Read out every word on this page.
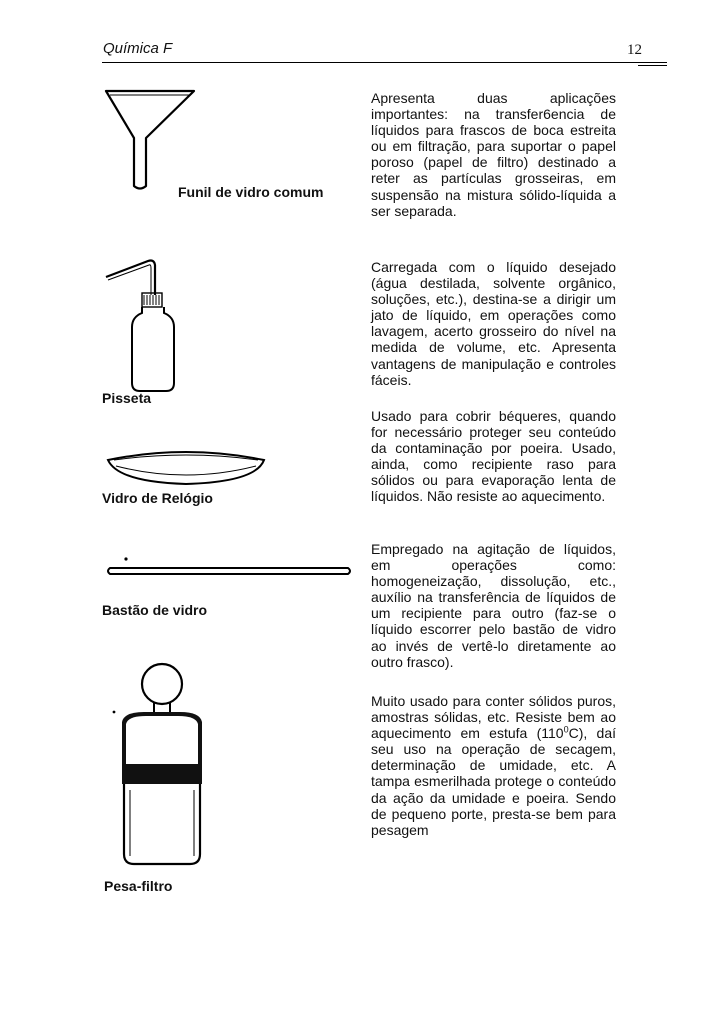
Química F	12
Funil de vidro comum
Apresenta duas aplicações importantes: na transfer6encia de líquidos para frascos de boca estreita ou em filtração, para suportar o papel poroso (papel de filtro) destinado a reter as partículas grosseiras, em suspensão na mistura sólido-líquida a ser separada.
Pisseta
Carregada com o líquido desejado (água destilada, solvente orgânico, soluções, etc.), destina-se a dirigir um jato de líquido, em operações como lavagem, acerto grosseiro do nível na medida de volume, etc. Apresenta vantagens de manipulação e controles fáceis.
Vidro de Relógio
Usado para cobrir béqueres, quando for necessário proteger seu conteúdo da contaminação por poeira. Usado, ainda, como recipiente raso para sólidos ou para evaporação lenta de líquidos. Não resiste ao aquecimento.
Bastão de vidro
Empregado na agitação de líquidos, em operações como: homogeneização, dissolução, etc., auxílio na transferência de líquidos de um recipiente para outro (faz-se o líquido escorrer pelo bastão de vidro ao invés de vertê-lo diretamente ao outro frasco).
Pesa-filtro
Muito usado para conter sólidos puros, amostras sólidas, etc. Resiste bem ao aquecimento em estufa $(110^0C)$, daí seu uso na operação de secagem, determinação de umidade, etc. A tampa esmerilhada protege o conteúdo da ação da umidade e poeira. Sendo de pequeno porte, presta-se bem para pesagem
